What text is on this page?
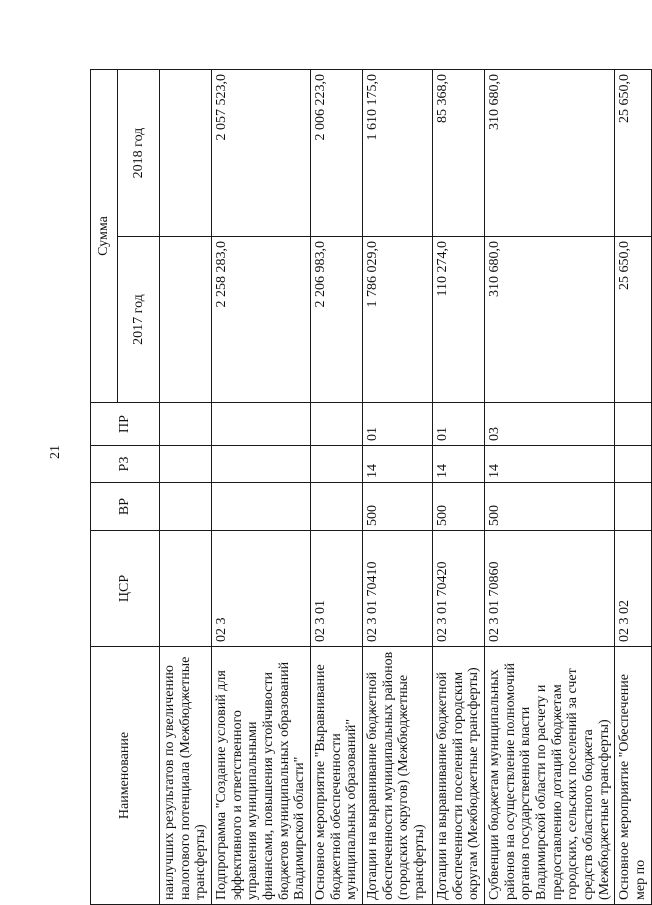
21
Наименование	ЦСР	ВР	РЗ	ПР	Сумма	
					2017 год	2018 год
наилучших результатов по увеличению налогового потенциала (Межбюджетные трансферты)						
Подпрограмма "Создание условий для эффективного и ответственного управления муниципальными финансами, повышения устойчивости бюджетов муниципальных образований Владимирской области"	02 3				2 258 283,0	2 057 523,0
Основное мероприятие "Выравнивание бюджетной обеспеченности муниципальных образований"	02 3 01				2 206 983,0	2 006 223,0
Дотации на выравнивание бюджетной обеспеченности муниципальных районов (городских округов) (Межбюджетные трансферты)	02 3 01 70410	500	14	01	1 786 029,0	1 610 175,0
Дотации на выравнивание бюджетной обеспеченности поселений городским округам (Межбюджетные трансферты)	02 3 01 70420	500	14	01	110 274,0	85 368,0
Субвенции бюджетам муниципальных районов на осуществление полномочий органов государственной власти Владимирской области по расчету и предоставлению дотаций бюджетам городских, сельских поселений за счет средств областного бюджета (Межбюджетные трансферты)	02 3 01 70860	500	14	03	310 680,0	310 680,0
Основное мероприятие "Обеспечение мер по	02 3 02				25 650,0	25 650,0
